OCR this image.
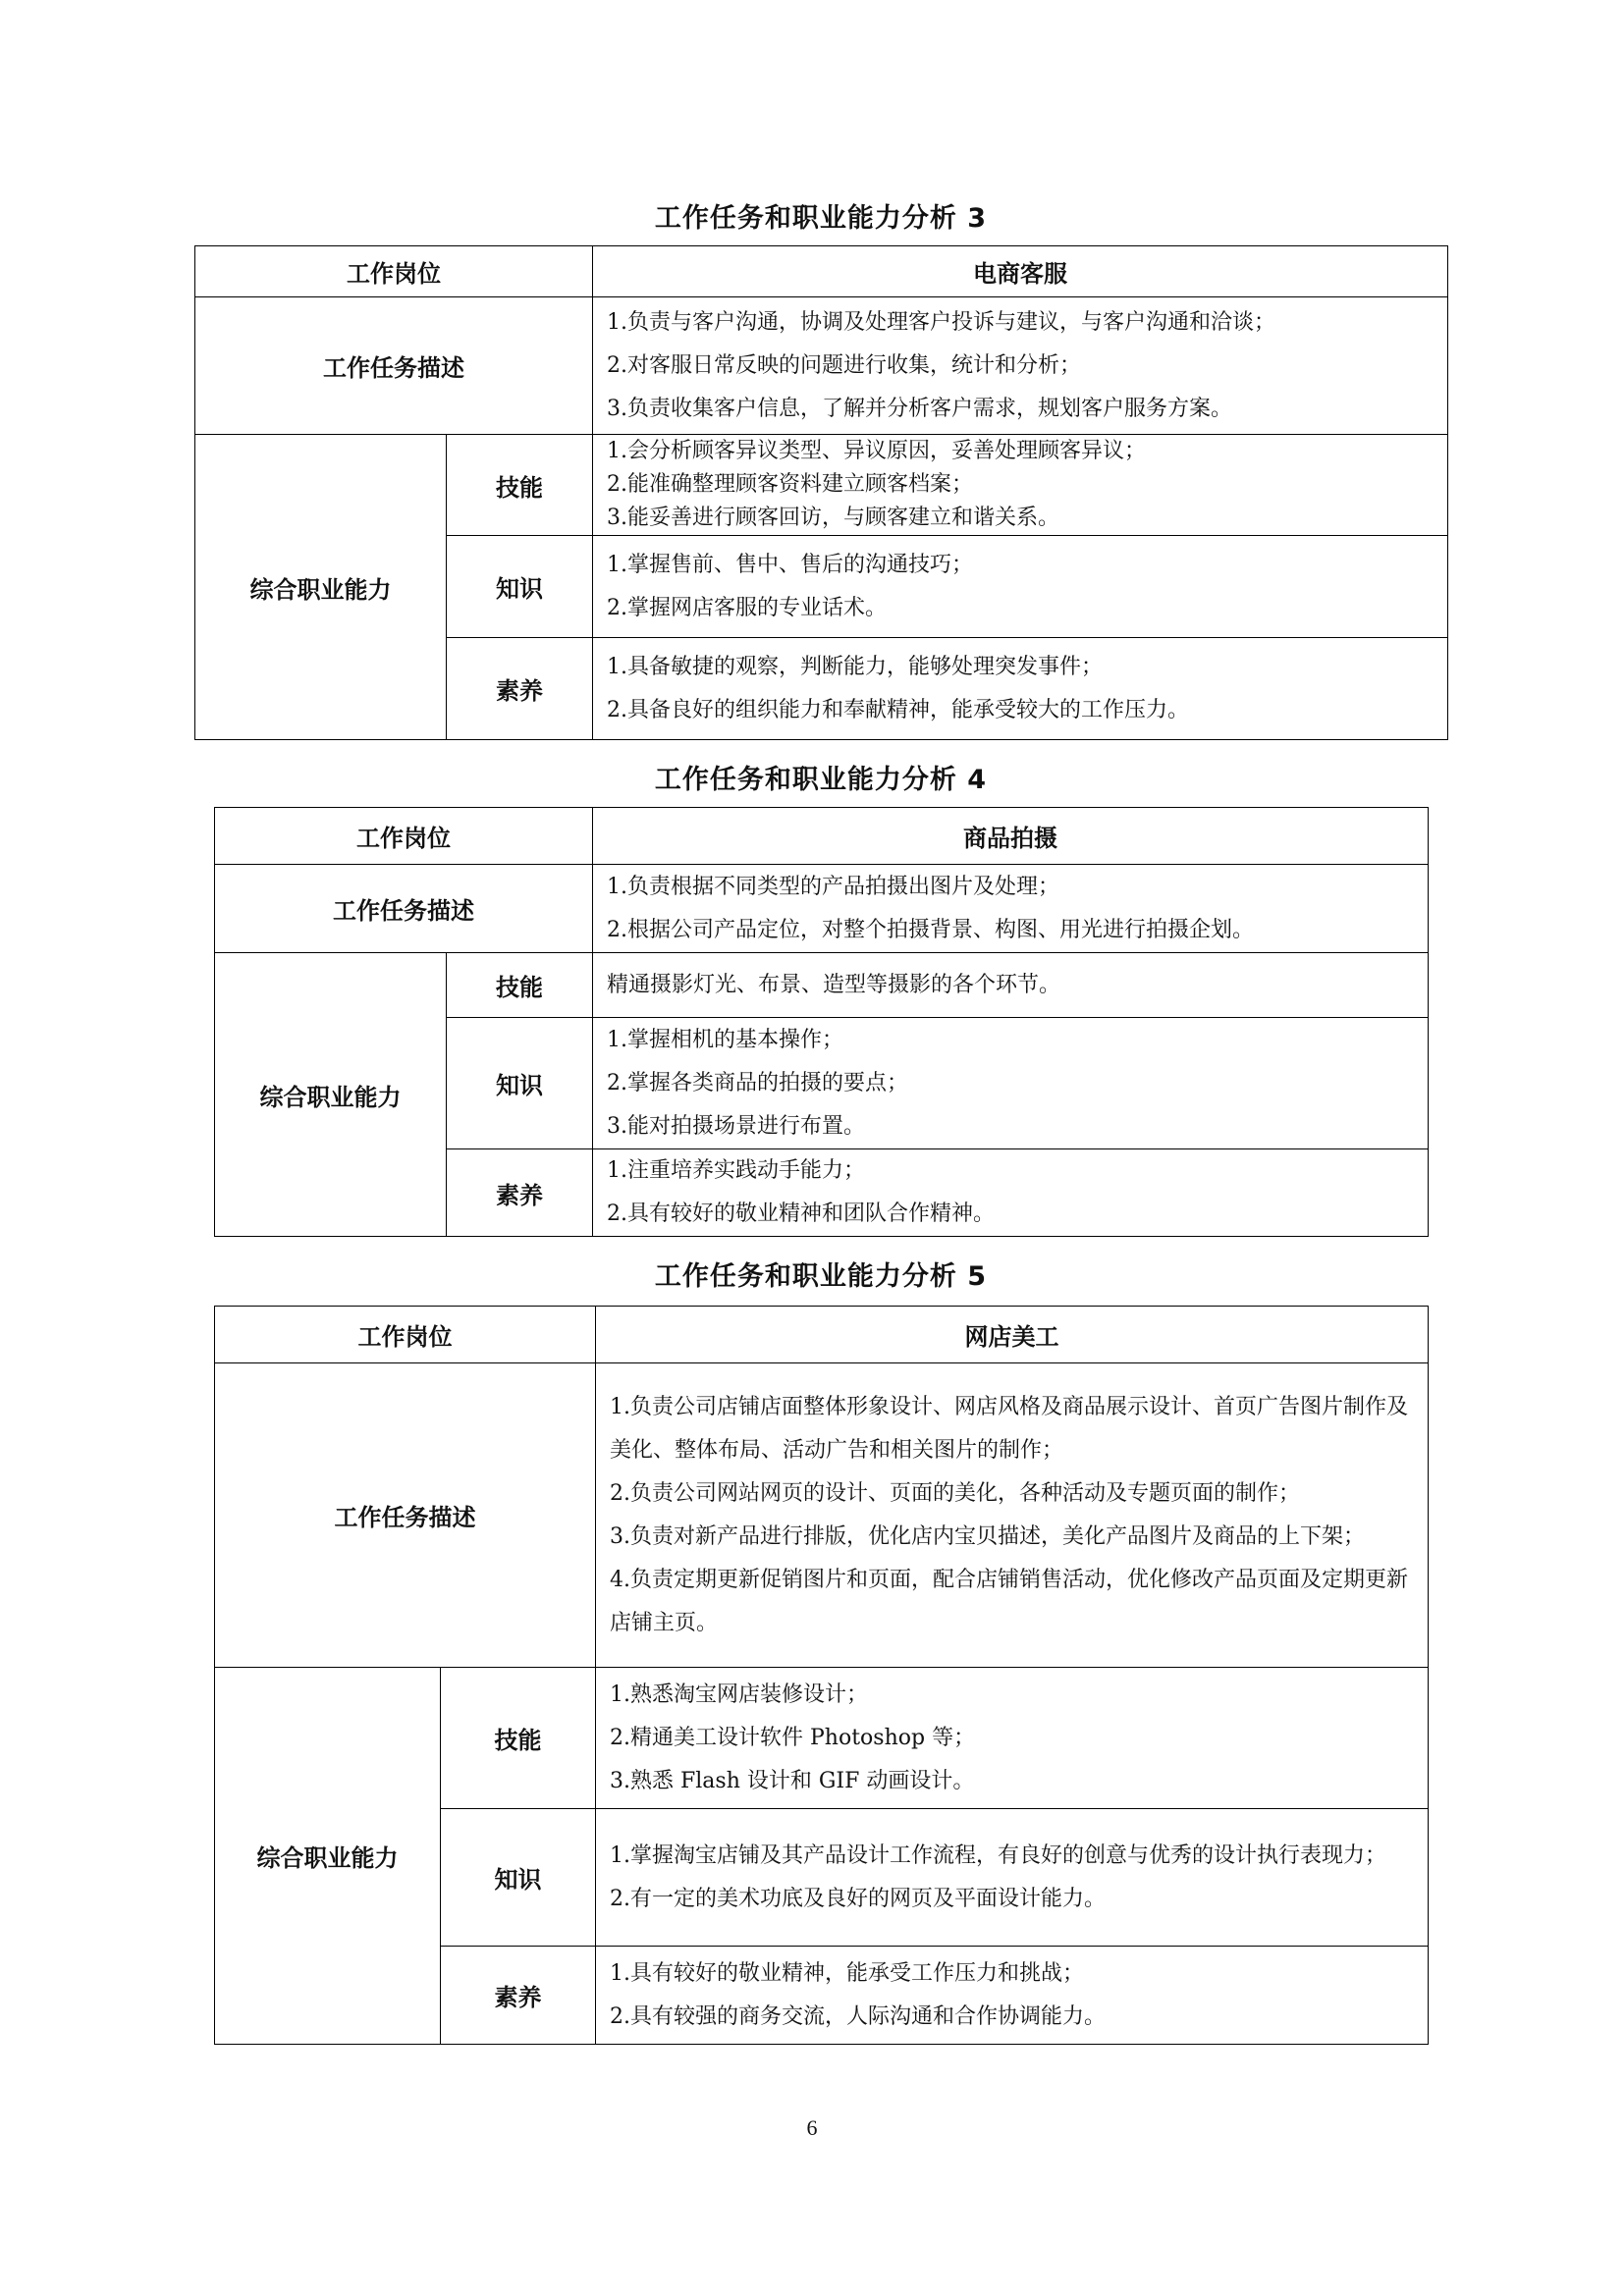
工作任务和职业能力分析 3
工作岗位		电商客服
工作任务描述		1.负责与客户沟通，协调及处理客户投诉与建议，与客户沟通和洽谈；
2.对客服日常反映的问题进行收集，统计和分析；
3.负责收集客户信息，了解并分析客户需求，规划客户服务方案。

综合职业能力	技能	1.会分析顾客异议类型、异议原因，妥善处理顾客异议；
2.能准确整理顾客资料建立顾客档案；
3.能妥善进行顾客回访，与顾客建立和谐关系。

	知识	1.掌握售前、售中、售后的沟通技巧；
2.掌握网店客服的专业话术。

	素养	1.具备敏捷的观察，判断能力，能够处理突发事件；
2.具备良好的组织能力和奉献精神，能承受较大的工作压力。
工作任务和职业能力分析 4
工作岗位		商品拍摄
工作任务描述		1.负责根据不同类型的产品拍摄出图片及处理；
2.根据公司产品定位，对整个拍摄背景、构图、用光进行拍摄企划。

综合职业能力	技能	精通摄影灯光、布景、造型等摄影的各个环节。

	知识	1.掌握相机的基本操作；
2.掌握各类商品的拍摄的要点；
3.能对拍摄场景进行布置。

	素养	1.注重培养实践动手能力；
2.具有较好的敬业精神和团队合作精神。
工作任务和职业能力分析 5
工作岗位		网店美工
工作任务描述		1.负责公司店铺店面整体形象设计、网店风格及商品展示设计、首页广告图片制作及美化、整体布局、活动广告和相关图片的制作；
2.负责公司网站网页的设计、页面的美化，各种活动及专题页面的制作；
3.负责对新产品进行排版，优化店内宝贝描述，美化产品图片及商品的上下架；
4.负责定期更新促销图片和页面，配合店铺销售活动，优化修改产品页面及定期更新店铺主页。

综合职业能力	技能	1.熟悉淘宝网店装修设计；
2.精通美工设计软件 Photoshop 等；
3.熟悉 Flash 设计和 GIF 动画设计。

	知识	1.掌握淘宝店铺及其产品设计工作流程，有良好的创意与优秀的设计执行表现力；
2.有一定的美术功底及良好的网页及平面设计能力。

	素养	1.具有较好的敬业精神，能承受工作压力和挑战；
2.具有较强的商务交流，人际沟通和合作协调能力。
6
